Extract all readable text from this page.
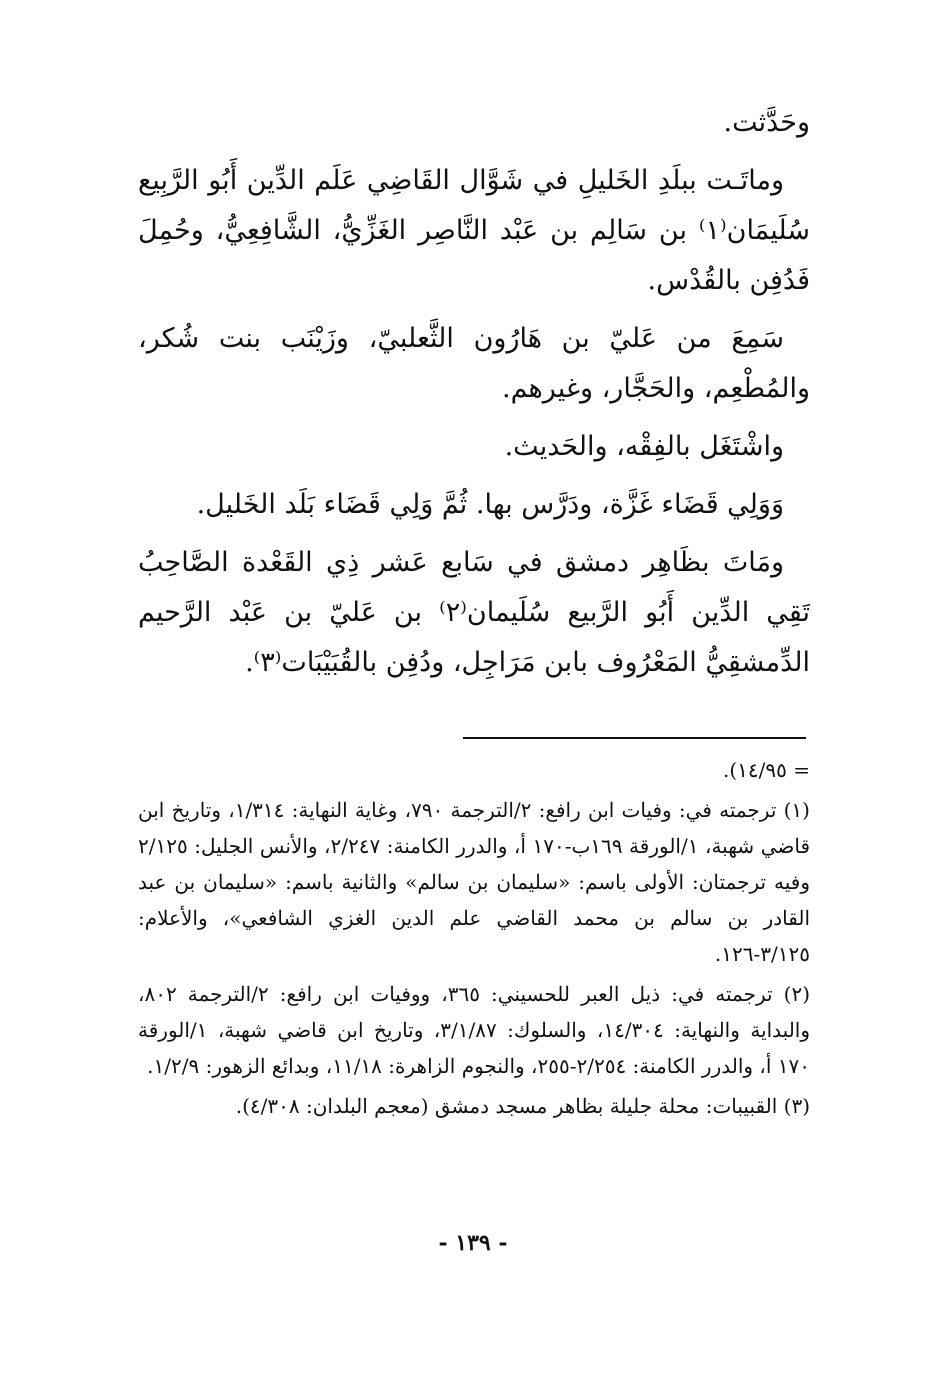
وحَدَّثت.

وماتَـت ببلَدِ الخَليلِ في شَوَّال القَاضِي عَلَم الدِّين أَبُو الرَّبِيع سُلَيمَان⁽١⁾ بن سَالِم بن عَبْد النَّاصِر الغَزِّيُّ، الشَّافِعِيُّ، وحُمِلَ فَدُفِن بالقُدْس.

سَمِعَ من عَليّ بن هَارُون الثَّعلبيّ، وزَيْنَب بنت شُكر، والمُطْعِم، والحَجَّار، وغيرهم.

واشْتَغَل بالفِقْه، والحَديث.

وَوَلِي قَضَاء غَزَّة، ودَرَّس بها. ثُمَّ وَلِي قَضَاء بَلَد الخَليل.

ومَاتَ بظَاهِر دمشق في سَابع عَشر ذِي القَعْدة الصَّاحِبُ تَقِي الدِّين أَبُو الرَّبيع سُلَيمان⁽٢⁾ بن عَليّ بن عَبْد الرَّحيم الدِّمشقِيُّ المَعْرُوف بابن مَرَاجِل، ودُفِن بالقُبَيْبَات⁽٣⁾.

= ١٤/٩٥).

(١) ترجمته في: وفيات ابن رافع: ٢/الترجمة ٧٩٠، وغاية النهاية: ١/٣١٤، وتاريخ ابن قاضي شهبة، ١/الورقة ١٦٩ب-١٧٠ أ، والدرر الكامنة: ٢/٢٤٧، والأنس الجليل: ٢/١٢٥ وفيه ترجمتان: الأولى باسم: «سليمان بن سالم» والثانية باسم: «سليمان بن عبد القادر بن سالم بن محمد القاضي علم الدين الغزي الشافعي»، والأعلام: ٣/١٢٥-١٢٦.

(٢) ترجمته في: ذيل العبر للحسيني: ٣٦٥، ووفيات ابن رافع: ٢/الترجمة ٨٠٢، والبداية والنهاية: ١٤/٣٠٤، والسلوك: ٣/١/٨٧، وتاريخ ابن قاضي شهبة، ١/الورقة ١٧٠ أ، والدرر الكامنة: ٢/٢٥٤-٢٥٥، والنجوم الزاهرة: ١١/١٨، وبدائع الزهور: ١/٢/٩.

(٣) القبيبات: محلة جليلة بظاهر مسجد دمشق (معجم البلدان: ٤/٣٠٨).

- ١٣٩ -
